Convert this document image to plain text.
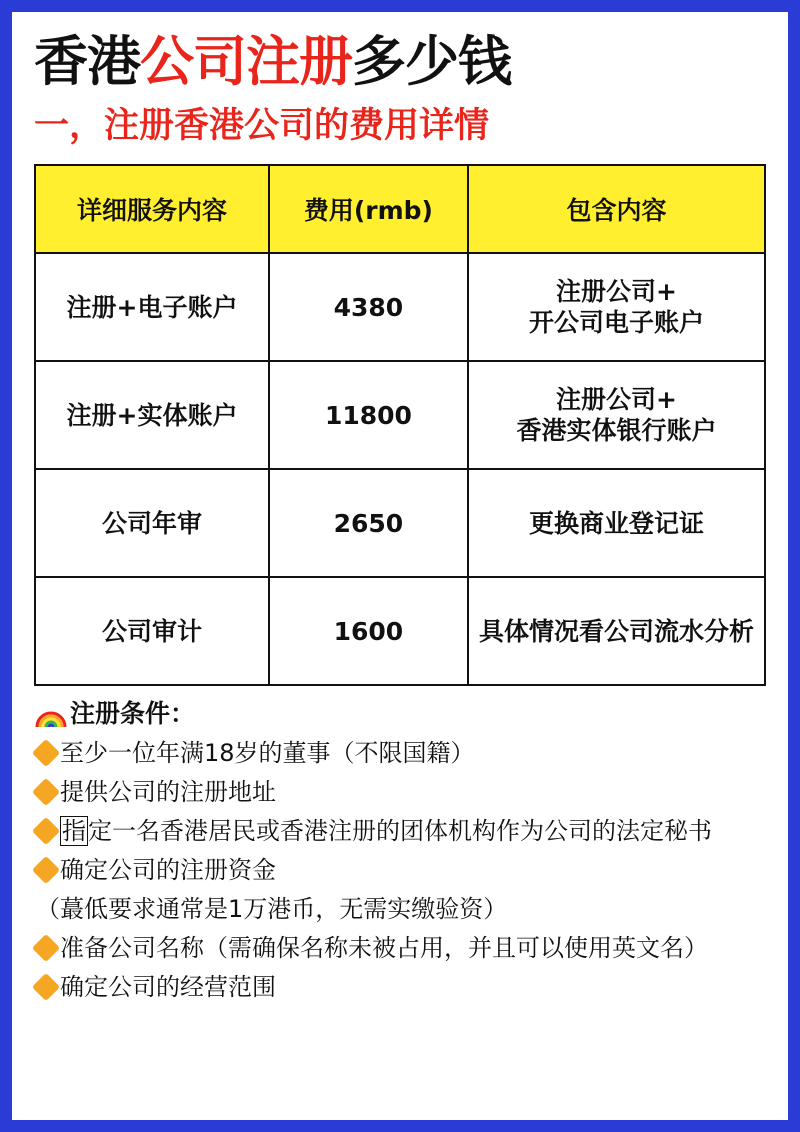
香港公司注册多少钱
一，注册香港公司的费用详情
详细服务内容	费用(rmb)	包含内容
注册+电子账户	4380	注册公司+
开公司电子账户

注册+实体账户	11800	注册公司+
香港实体银行账户

公司年审	2650	更换商业登记证
公司审计	1600	具体情况看公司流水分析
注册条件：
至少一位年满18岁的董事（不限国籍）
提供公司的注册地址
指定一名香港居民或香港注册的团体机构作为公司的法定秘书
确定公司的注册资金
（蕞低要求通常是1万港币，无需实缴验资）
准备公司名称（需确保名称未被占用，并且可以使用英文名）
确定公司的经营范围
